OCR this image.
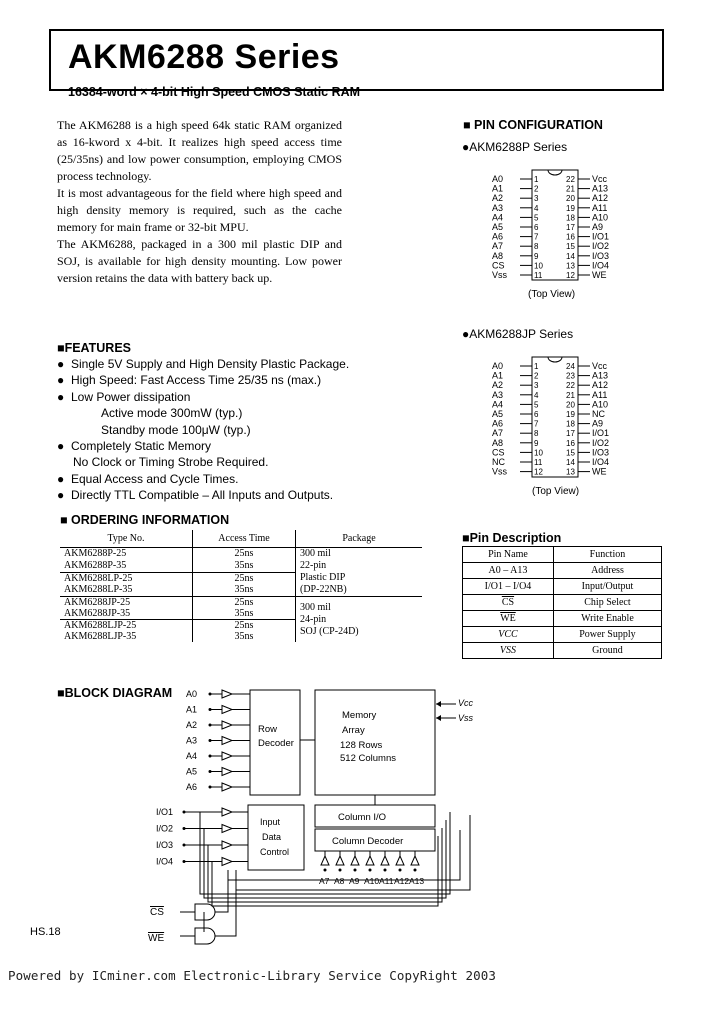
AKM6288 Series
16384-word × 4-bit High Speed CMOS Static RAM

The AKM6288 is a high speed 64k static RAM organized as 16-kword x 4-bit. It realizes high speed access time (25/35ns) and low power consumption, employing CMOS process technology.

It is most advantageous for the field where high speed and high density memory is required, such as the cache memory for main frame or 32-bit MPU.

The AKM6288, packaged in a 300 mil plastic DIP and SOJ, is available for high density mounting. Low power version retains the data with battery back up.

■FEATURES
● Single 5V Supply and High Density Plastic Package.
● High Speed: Fast Access Time 25/35 ns (max.)
● Low Power dissipation
Active mode 300mW (typ.)
Standby mode 100μW (typ.)
● Completely Static Memory
No Clock or Timing Strobe Required.
● Equal Access and Cycle Times.
● Directly TTL Compatible – All Inputs and Outputs.
■ ORDERING INFORMATION
Type No.	Access Time	Package
AKM6288P-25	25ns	300 mil
22-pin
Plastic DIP
(DP-22NB)
AKM6288P-35	35ns	
AKM6288LP-25	25ns	
AKM6288LP-35	35ns	
AKM6288JP-25	25ns	300 mil
24-pin
SOJ (CP-24D)
AKM6288JP-35	35ns	
AKM6288LJP-25	25ns	
AKM6288LJP-35	35ns	
■ PIN CONFIGURATION
●AKM6288P Series
●AKM6288JP Series
A0	1
A1	2
A2	3
A3	4
A4	5
A5	6
A6	7
A7	8
A8	9
CS	10
Vss	11
22 Vcc
21 A13
20 A12
19 A11
18 A10
17 A9
16 I/O1
15 I/O2
14 I/O3
13 I/O4
12 WE
(Top View)
A0	1
A1	2
A2	3
A3	4
A4	5
A5	6
A6	7
A7	8
A8	9
CS	10
NC	11
Vss	12
24 Vcc
23 A13
22 A12
21 A11
20 A10
19 NC
18 A9
17 I/O1
16 I/O2
15 I/O3
14 I/O4
13 WE
(Top View)
■Pin Description
Pin Name	Function
A0 – A13	Address
I/O1 – I/O4	Input/Output
$\overline{CS}$	Chip Select
$\overline{WE}$	Write Enable
VCC	Power Supply
VSS	Ground
■BLOCK DIAGRAM
Row
Decoder
Memory
Array
128 Rows
512 Columns
Column I/O
Column Decoder
Input
Data
Control
Vcc
Vss
A0
A1
A2
A3
A4
A5
A6
I/O1
I/O2
I/O3
I/O4
A7 A8 A9 A10 A11 A12 A13
CS
WE
HS.18
Powered by ICminer.com Electronic-Library Service CopyRight 2003
